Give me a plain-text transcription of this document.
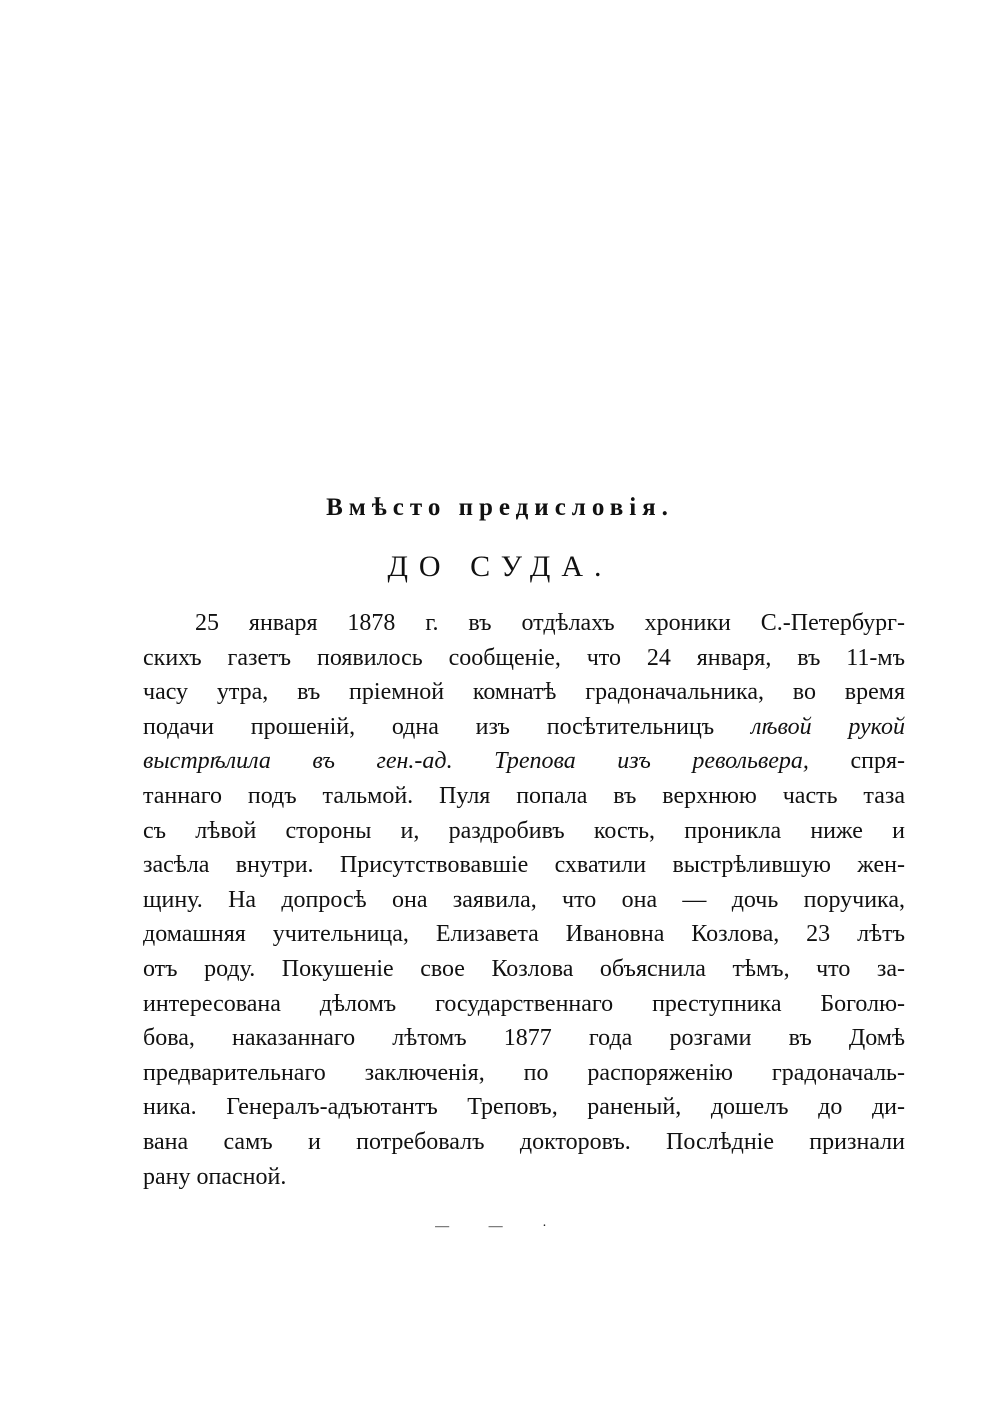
Вмѣсто предисловія.
ДО СУДА.
25 января 1878 г. въ отдѣлахъ хроники С.-Петербург-
скихъ газетъ появилось сообщеніе, что 24 января, въ 11-мъ
часу утра, въ пріемной комнатѣ градоначальника, во время
подачи прошеній, одна изъ посѣтительницъ лѣвой рукой
выстрѣлила въ ген.-ад. Трепова изъ револьвера, спря-
таннаго подъ тальмой. Пуля попала въ верхнюю часть таза
съ лѣвой стороны и, раздробивъ кость, проникла ниже и
засѣла внутри. Присутствовавшіе схватили выстрѣлившую жен-
щину. На допросѣ она заявила, что она — дочь поручика,
домашняя учительница, Елизавета Ивановна Козлова, 23 лѣтъ
отъ роду. Покушеніе свое Козлова объяснила тѣмъ, что за-
интересована дѣломъ государственнаго преступника Боголю-
бова, наказаннаго лѣтомъ 1877 года розгами въ Домѣ
предварительнаго заключенія, по распоряженію градоначаль-
ника. Генералъ-адъютантъ Треповъ, раненый, дошелъ до ди-
вана самъ и потребовалъ докторовъ. Послѣдніе признали
рану опасной.
— — ·
